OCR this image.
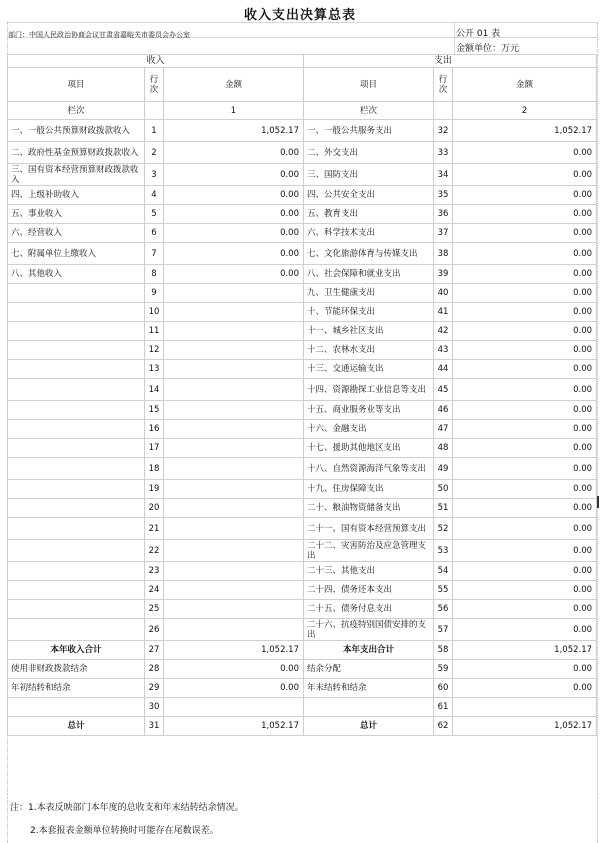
收入支出决算总表
部门：中国人民政治协商会议甘肃省嘉峪关市委员会办公室	公开 01 表
金额单位：万元
收入			支出		
项目	行次	金额	项目	行次	金额
栏次		1	栏次		2
一、一般公共预算财政拨款收入	1	1,052.17	一、一般公共服务支出	32	1,052.17
二、政府性基金预算财政拨款收入	2	0.00	二、外交支出	33	0.00
三、国有资本经营预算财政拨款收入	3	0.00	三、国防支出	34	0.00
四、上级补助收入	4	0.00	四、公共安全支出	35	0.00
五、事业收入	5	0.00	五、教育支出	36	0.00
六、经营收入	6	0.00	六、科学技术支出	37	0.00
七、附属单位上缴收入	7	0.00	七、文化旅游体育与传媒支出	38	0.00
八、其他收入	8	0.00	八、社会保障和就业支出	39	0.00
	9		九、卫生健康支出	40	0.00
	10		十、节能环保支出	41	0.00
	11		十一、城乡社区支出	42	0.00
	12		十二、农林水支出	43	0.00
	13		十三、交通运输支出	44	0.00
	14		十四、资源勘探工业信息等支出	45	0.00
	15		十五、商业服务业等支出	46	0.00
	16		十六、金融支出	47	0.00
	17		十七、援助其他地区支出	48	0.00
	18		十八、自然资源海洋气象等支出	49	0.00
	19		十九、住房保障支出	50	0.00
	20		二十、粮油物资储备支出	51	0.00
	21		二十一、国有资本经营预算支出	52	0.00
	22		二十二、灾害防治及应急管理支出	53	0.00
	23		二十三、其他支出	54	0.00
	24		二十四、债务还本支出	55	0.00
	25		二十五、债务付息支出	56	0.00
	26		二十六、抗疫特别国债安排的支出	57	0.00
本年收入合计	27	1,052.17	本年支出合计	58	1,052.17
使用非财政拨款结余	28	0.00	结余分配	59	0.00
年初结转和结余	29	0.00	年末结转和结余	60	0.00
	30			61	
总计	31	1,052.17	总计	62	1,052.17
注：1.本表反映部门本年度的总收支和年末结转结余情况。
2.本套报表金额单位转换时可能存在尾数误差。
